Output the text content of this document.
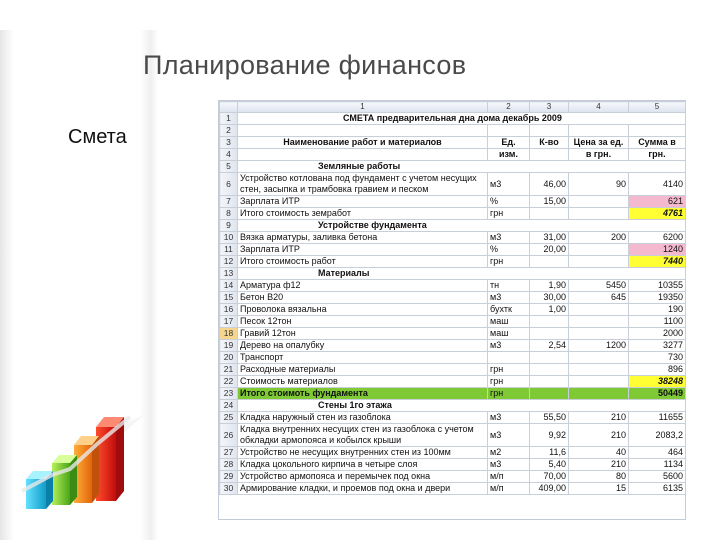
Планирование финансов
Смета
	1	2	3	4	5
1	СМЕТА предварительная дна дома декабрь 2009				
2					
3	Наименование работ и материалов	Ед.	К-во	Цена за ед.	Сумма в
4		изм.		в грн.	грн.
5	Земляные работы				
6	Устройство котлована под фундамент с учетом несущих стен, засыпка и трамбовка гравием и песком	м3	46,00	90	4140
7	Зарплата ИТР	%	15,00		621
8	Итого стоимость земработ	грн			4761
9	Устройстве фундамента				
10	Вязка арматуры, заливка бетона	м3	31,00	200	6200
11	Зарплата ИТР	%	20,00		1240
12	Итого стоимость работ	грн			7440
13	Материалы				
14	Арматура ф12	тн	1,90	5450	10355
15	Бетон В20	м3	30,00	645	19350
16	Проволока вязальна	бухтк	1,00		190
17	Песок 12тон	маш			1100
18	Гравий 12тон	маш			2000
19	Дерево на опалубку	м3	2,54	1200	3277
20	Транспорт				730
21	Расходные материалы	грн			896
22	Стоимость материалов	грн			38248
23	Итого стоимоть фундамента	грн			50449
24	Стены 1го этажа				
25	Кладка наружный стен из газоблока	м3	55,50	210	11655
26	Кладка внутренних несущих стен из газоблока с учетом обкладки армопояса и кобылск крыши	м3	9,92	210	2083,2
27	Устройство не несущих внутренних стен из 100мм	м2	11,6	40	464
28	Кладка цокольного кирпича в четыре слоя	м3	5,40	210	1134
29	Устройство армопояса и перемычек под окна	м/п	70,00	80	5600
30	Армирование кладки, и проемов под окна и двери	м/п	409,00	15	6135
